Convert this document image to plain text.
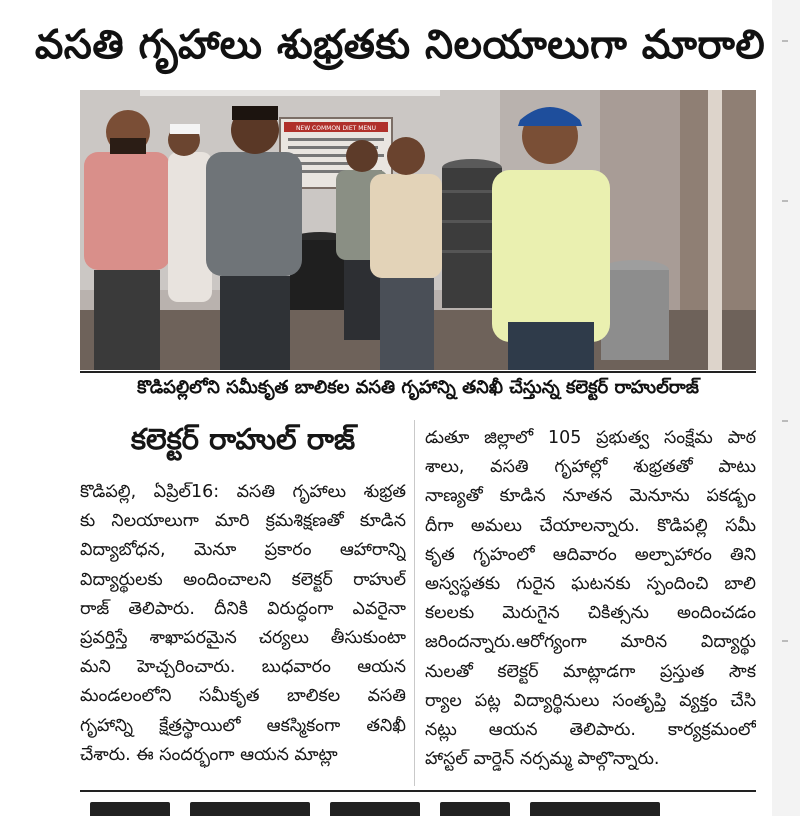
వసతి గృహాలు శుభ్రతకు నిలయాలుగా మారాలి
NEW COMMON DIET MENU
కొడిపల్లిలోని సమీకృత బాలికల వసతి గృహాన్ని తనిఖీ చేస్తున్న కలెక్టర్ రాహుల్‌రాజ్
కలెక్టర్ రాహుల్ రాజ్
కొడిపల్లి, ఏప్రిల్16: వసతి గృహాలు శుభ్రత
కు నిలయాలుగా మారి క్రమశిక్షణతో కూడిన
విద్యాబోధన, మెనూ ప్రకారం ఆహారాన్ని
విద్యార్థులకు అందించాలని కలెక్టర్ రాహుల్
రాజ్ తెలిపారు. దీనికి విరుద్ధంగా ఎవరైనా
ప్రవర్తిస్తే శాఖాపరమైన చర్యలు తీసుకుంటా
మని హెచ్చరించారు. బుధవారం ఆయన
మండలంలోని సమీకృత బాలికల వసతి
గృహాన్ని క్షేత్రస్థాయిలో ఆకస్మికంగా తనిఖీ
చేశారు. ఈ సందర్భంగా ఆయన మాట్లా
డుతూ జిల్లాలో 105 ప్రభుత్వ సంక్షేమ పాఠ
శాలు, వసతి గృహాల్లో శుభ్రతతో పాటు
నాణ్యతో కూడిన నూతన మెనూను పకడ్బం
దీగా అమలు చేయాలన్నారు. కొడిపల్లి సమీ
కృత గృహంలో ఆదివారం అల్పాహారం తిని
అస్వస్థతకు గురైన ఘటనకు స్పందించి బాలి
కలలకు మెరుగైన చికిత్సను అందించడం
జరిందన్నారు.ఆరోగ్యంగా మారిన విద్యార్థు
నులతో కలెక్టర్ మాట్లాడగా ప్రస్తుత సౌక
ర్యాల పట్ల విద్యార్థినులు సంతృప్తి వ్యక్తం చేసి
నట్లు ఆయన తెలిపారు. కార్యక్రమంలో
హాస్టల్ వార్డెన్ నర్సమ్మ పాల్గొన్నారు.
